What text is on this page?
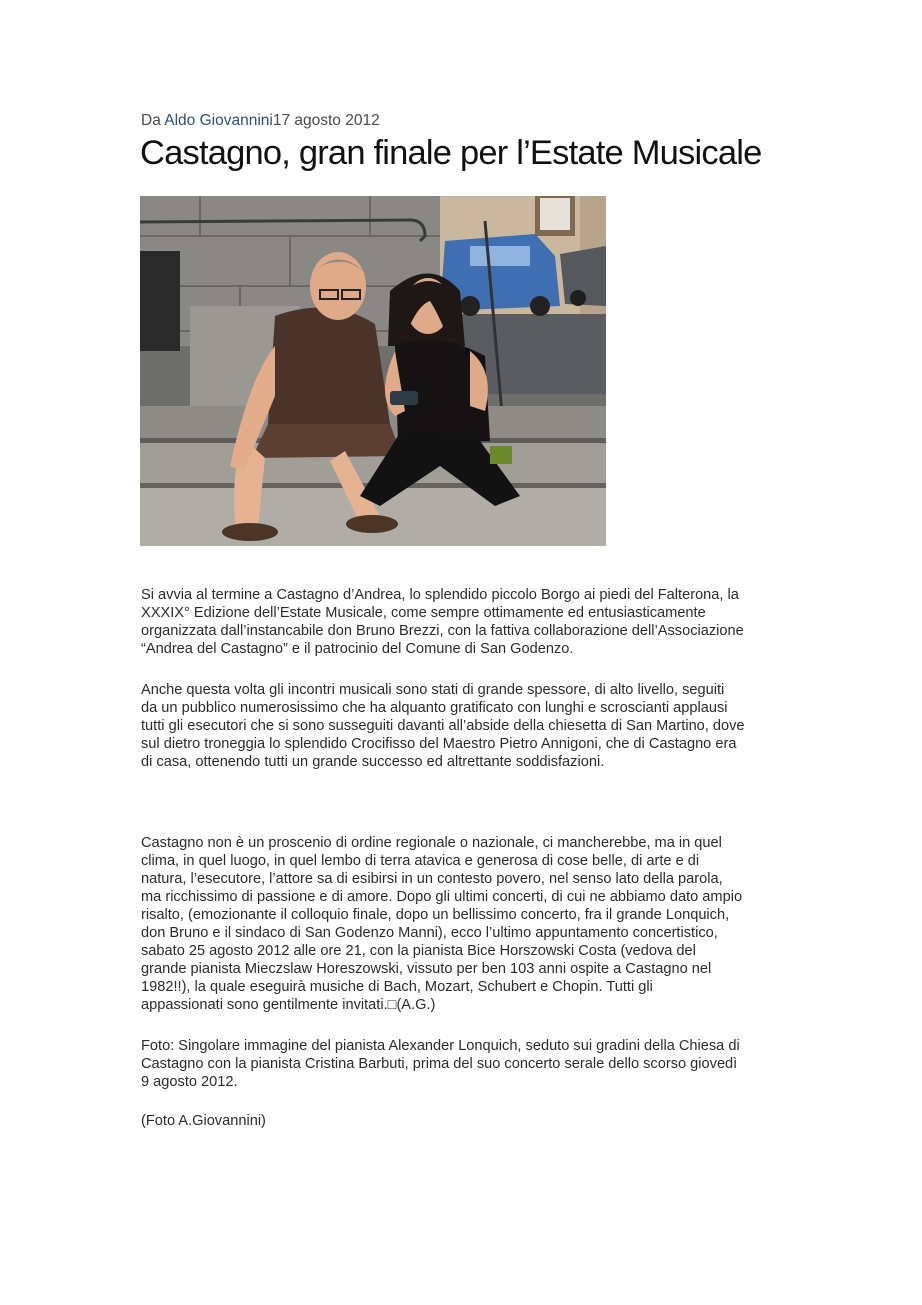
Da Aldo Giovannini17 agosto 2012
Castagno, gran finale per l’Estate Musicale
Si avvia al termine a Castagno d’Andrea, lo splendido piccolo Borgo ai piedi del Falterona, la
XXXIX° Edizione dell’Estate Musicale, come sempre ottimamente ed entusiasticamente
organizzata dall’instancabile don Bruno Brezzi, con la fattiva collaborazione dell’Associazione
“Andrea del Castagno” e il patrocinio del Comune di San Godenzo.
Anche questa volta gli incontri musicali sono stati di grande spessore, di alto livello, seguiti
da un pubblico numerosissimo che ha alquanto gratificato con lunghi e scroscianti applausi
tutti gli esecutori che si sono susseguiti davanti all’abside della chiesetta di San Martino, dove
sul dietro troneggia lo splendido Crocifisso del Maestro Pietro Annigoni, che di Castagno era
di casa, ottenendo tutti un grande successo ed altrettante soddisfazioni.
Castagno non è un proscenio di ordine regionale o nazionale, ci mancherebbe, ma in quel
clima, in quel luogo, in quel lembo di terra atavica e generosa di cose belle, di arte e di
natura, l’esecutore, l’attore sa di esibirsi in un contesto povero, nel senso lato della parola,
ma ricchissimo di passione e di amore. Dopo gli ultimi concerti, di cui ne abbiamo dato ampio
risalto, (emozionante il colloquio finale, dopo un bellissimo concerto, fra il grande Lonquich,
don Bruno e il sindaco di San Godenzo Manni), ecco l’ultimo appuntamento concertistico,
sabato 25 agosto 2012 alle ore 21, con la pianista Bice Horszowski Costa (vedova del
grande pianista Mieczslaw Horeszowski, vissuto per ben 103 anni ospite a Castagno nel
1982!!), la quale eseguirà musiche di Bach, Mozart, Schubert e Chopin. Tutti gli
appassionati sono gentilmente invitati.□(A.G.)
Foto: Singolare immagine del pianista Alexander Lonquich, seduto sui gradini della Chiesa di
Castagno con la pianista Cristina Barbuti, prima del suo concerto serale dello scorso giovedì
9 agosto 2012.
(Foto A.Giovannini)
